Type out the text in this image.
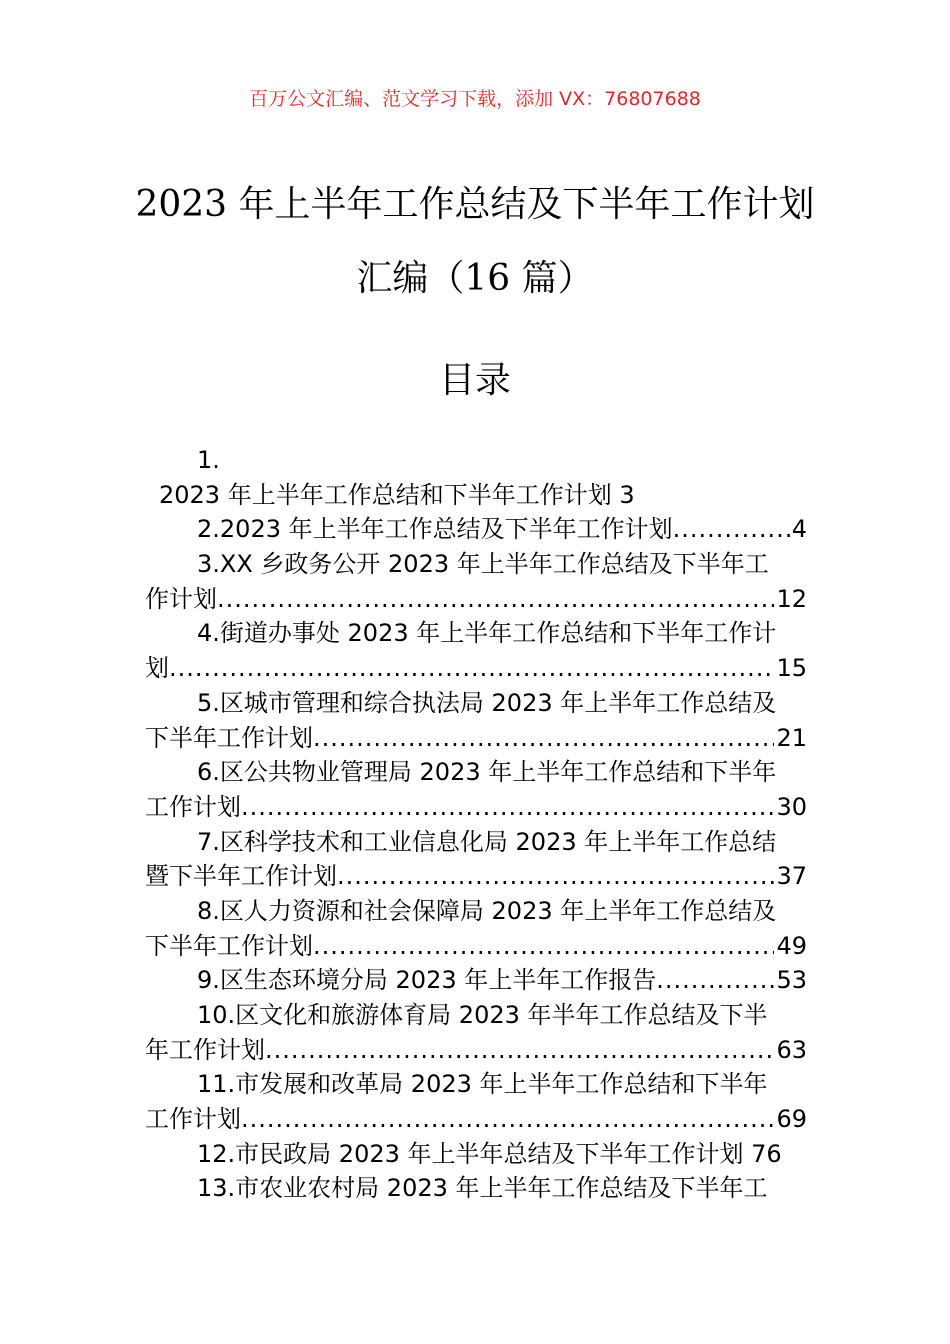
百万公文汇编、范文学习下载，添加 VX：76807688
2023 年上半年工作总结及下半年工作计划
汇编（16 篇）
目录
1.
2023 年上半年工作总结和下半年工作计划 3
2.2023 年上半年工作总结及下半年工作计划 .....	4
3.XX 乡政务公开 2023 年上半年工作总结及下半年工
作计划 .....	12
4.街道办事处 2023 年上半年工作总结和下半年工作计
划 .....	15
5.区城市管理和综合执法局 2023 年上半年工作总结及
下半年工作计划 .....	21
6.区公共物业管理局 2023 年上半年工作总结和下半年
工作计划 .....	30
7.区科学技术和工业信息化局 2023 年上半年工作总结
暨下半年工作计划 .....	37
8.区人力资源和社会保障局 2023 年上半年工作总结及
下半年工作计划 .....	49
9.区生态环境分局 2023 年上半年工作报告 .....	53
10.区文化和旅游体育局 2023 年半年工作总结及下半
年工作计划 .....	63
11.市发展和改革局 2023 年上半年工作总结和下半年
工作计划 .....	69
12.市民政局 2023 年上半年总结及下半年工作计划 76
13.市农业农村局 2023 年上半年工作总结及下半年工
